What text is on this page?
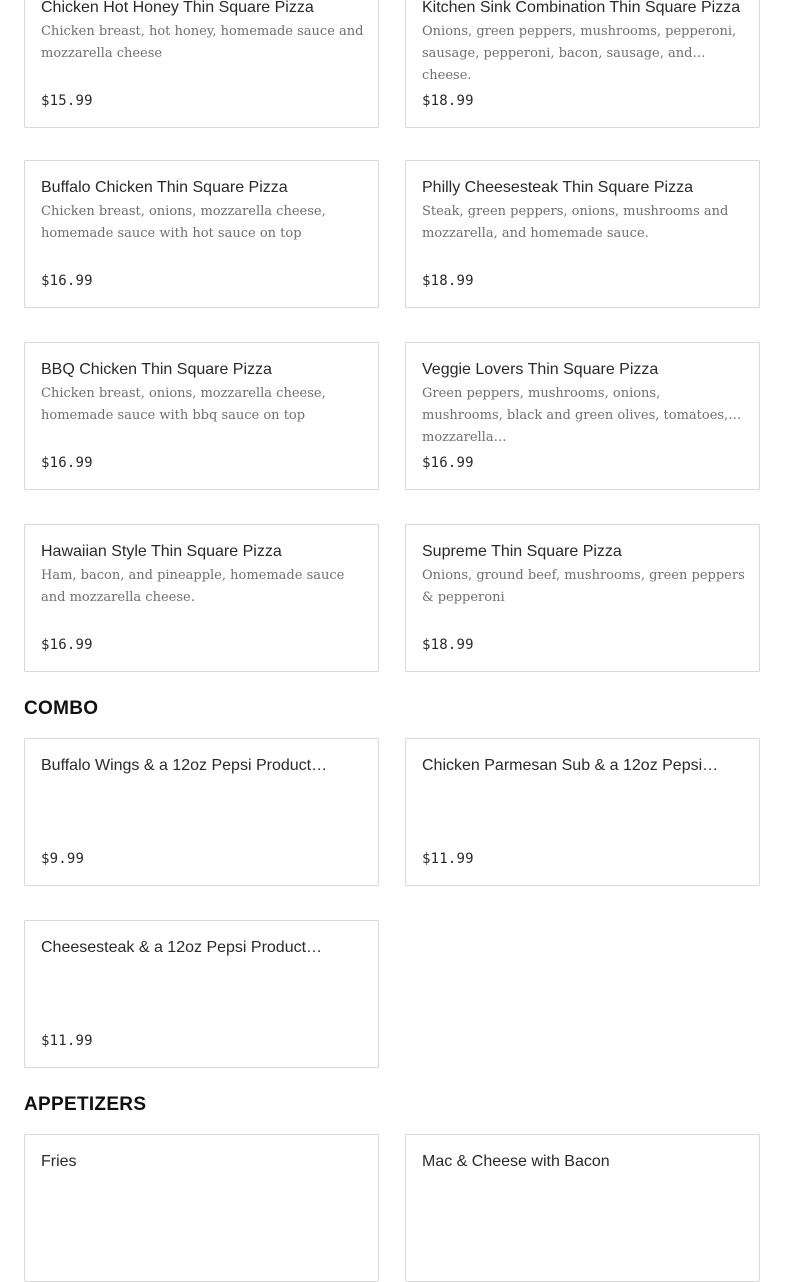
Chicken Hot Honey Thin Square Pizza
Chicken breast, hot honey, homemade sauce and mozzarella cheese
$15.99
Kitchen Sink Combination Thin Square Pizza
Onions, green peppers, mushrooms, pepperoni, sausage, pepperoni, bacon, sausage, and cheese.
$18.99
Buffalo Chicken Thin Square Pizza
Chicken breast, onions, mozzarella cheese, homemade sauce with hot sauce on top
$16.99
Philly Cheesesteak Thin Square Pizza
Steak, green peppers, onions, mushrooms and mozzarella, and homemade sauce.
$18.99
BBQ Chicken Thin Square Pizza
Chicken breast, onions, mozzarella cheese, homemade sauce with bbq sauce on top
$16.99
Veggie Lovers Thin Square Pizza
Green peppers, mushrooms, onions, mushrooms, black and green olives, tomatoes, mozzarella…
$16.99
Hawaiian Style Thin Square Pizza
Ham, bacon, and pineapple, homemade sauce and mozzarella cheese.
$16.99
Supreme Thin Square Pizza
Onions, ground beef, mushrooms, green peppers & pepperoni
$18.99
COMBO
Buffalo Wings & a 12oz Pepsi Product…
$9.99
Chicken Parmesan Sub & a 12oz Pepsi…
$11.99
Cheesesteak & a 12oz Pepsi Product…
$11.99
APPETIZERS
Fries	Mac & Cheese with Bacon
